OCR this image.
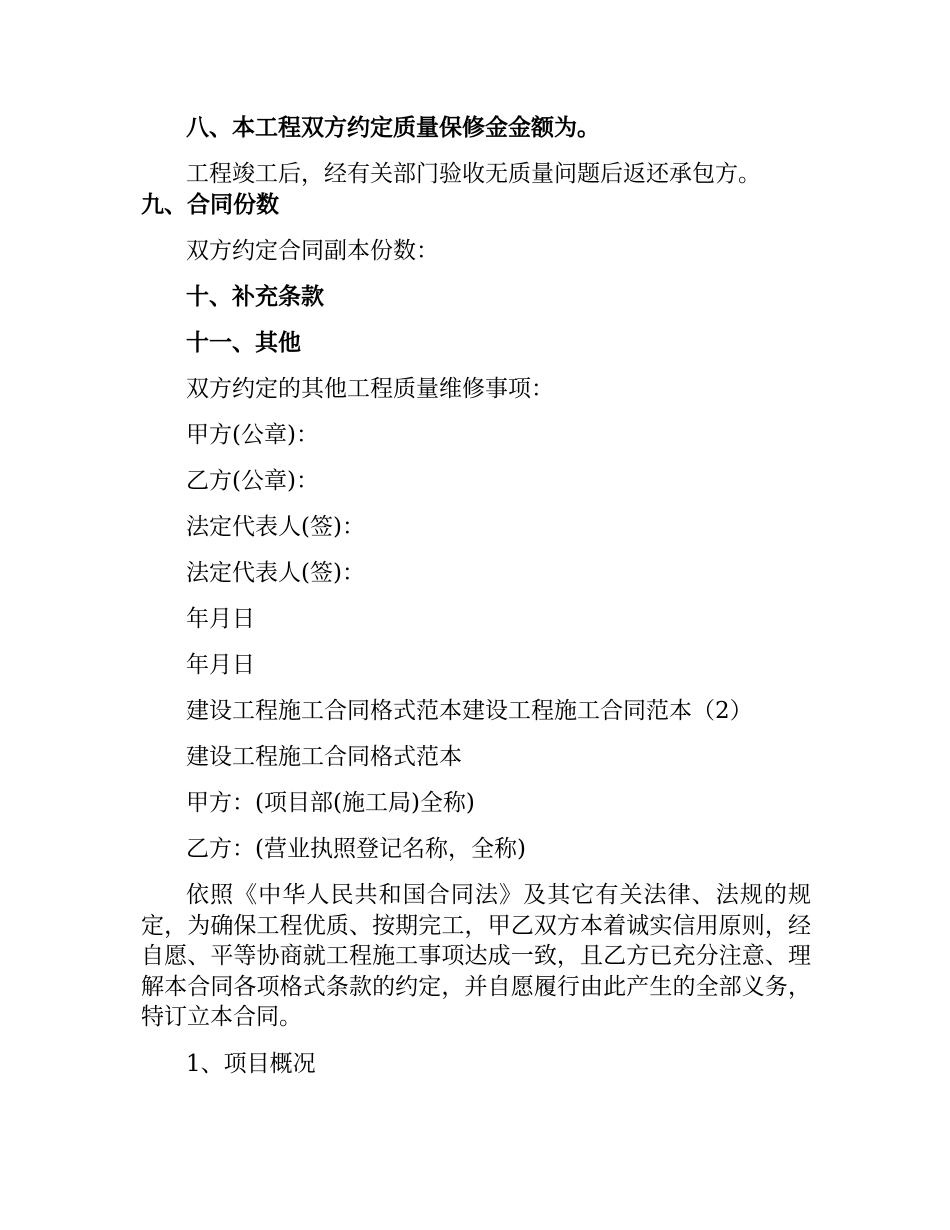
八、本工程双方约定质量保修金金额为。

工程竣工后，经有关部门验收无质量问题后返还承包方。

九、合同份数

双方约定合同副本份数：

十、补充条款

十一、其他

双方约定的其他工程质量维修事项：

甲方(公章)：

乙方(公章)：

法定代表人(签)：

法定代表人(签)：

年月日

年月日

建设工程施工合同格式范本建设工程施工合同范本（2）

建设工程施工合同格式范本

甲方：(项目部(施工局)全称)

乙方：(营业执照登记名称，全称)

依照《中华人民共和国合同法》及其它有关法律、法规的规定，为确保工程优质、按期完工，甲乙双方本着诚实信用原则，经自愿、平等协商就工程施工事项达成一致，且乙方已充分注意、理解本合同各项格式条款的约定，并自愿履行由此产生的全部义务，特订立本合同。

1、项目概况
